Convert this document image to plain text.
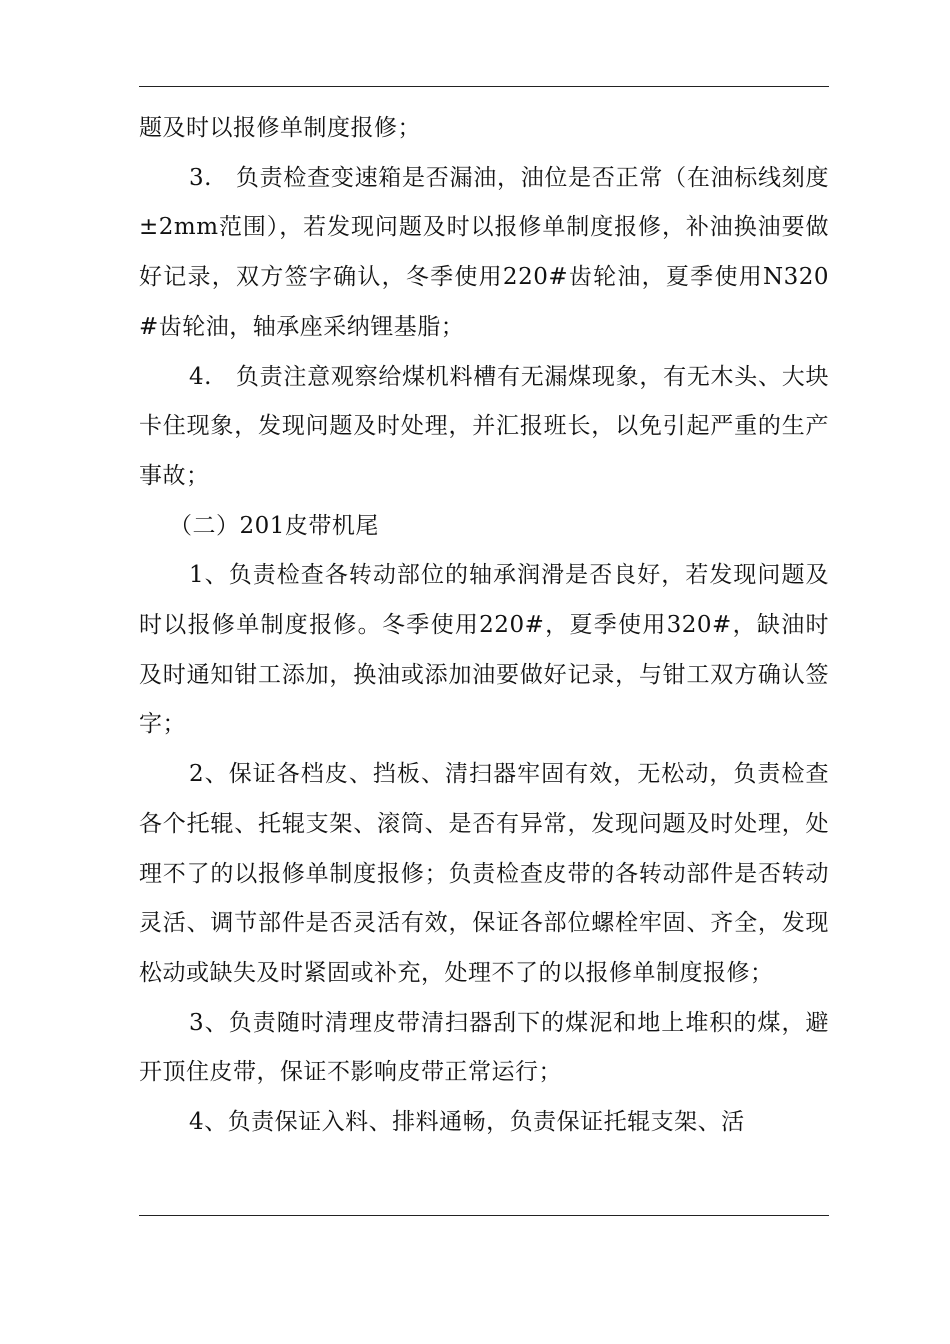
题及时以报修单制度报修；

3.　负责检查变速箱是否漏油，油位是否正常（在油标线刻度±2mm范围），若发现问题及时以报修单制度报修，补油换油要做好记录，双方签字确认，冬季使用220#齿轮油，夏季使用N320#齿轮油，轴承座采纳锂基脂；

4.　负责注意观察给煤机料槽有无漏煤现象，有无木头、大块卡住现象，发现问题及时处理，并汇报班长，以免引起严重的生产事故；

（二）201皮带机尾

1、负责检查各转动部位的轴承润滑是否良好，若发现问题及时以报修单制度报修。冬季使用220#，夏季使用320#，缺油时及时通知钳工添加，换油或添加油要做好记录，与钳工双方确认签字；

2、保证各档皮、挡板、清扫器牢固有效，无松动，负责检查各个托辊、托辊支架、滚筒、是否有异常，发现问题及时处理，处理不了的以报修单制度报修；负责检查皮带的各转动部件是否转动灵活、调节部件是否灵活有效，保证各部位螺栓牢固、齐全，发现松动或缺失及时紧固或补充，处理不了的以报修单制度报修；

3、负责随时清理皮带清扫器刮下的煤泥和地上堆积的煤，避开顶住皮带，保证不影响皮带正常运行；

4、负责保证入料、排料通畅，负责保证托辊支架、活
